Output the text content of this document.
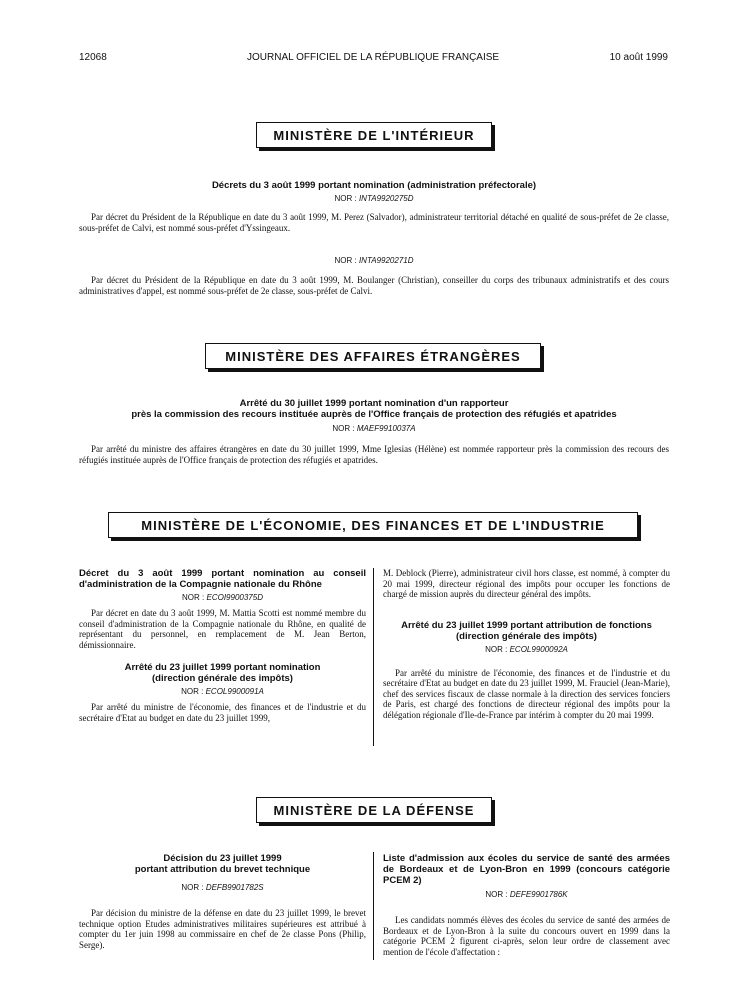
12068	JOURNAL OFFICIEL DE LA RÉPUBLIQUE FRANÇAISE	10 août 1999
MINISTÈRE DE L'INTÉRIEUR
Décrets du 3 août 1999 portant nomination (administration préfectorale)
NOR : INTA9920275D
Par décret du Président de la République en date du 3 août 1999, M. Perez (Salvador), administrateur territorial détaché en qualité de sous-préfet de 2e classe, sous-préfet de Calvi, est nommé sous-préfet d'Yssingeaux.
NOR : INTA9920271D
Par décret du Président de la République en date du 3 août 1999, M. Boulanger (Christian), conseiller du corps des tribunaux administratifs et des cours administratives d'appel, est nommé sous-préfet de 2e classe, sous-préfet de Calvi.
MINISTÈRE DES AFFAIRES ÉTRANGÈRES
Arrêté du 30 juillet 1999 portant nomination d'un rapporteur
près la commission des recours instituée auprès de l'Office français de protection des réfugiés et apatrides
NOR : MAEF9910037A
Par arrêté du ministre des affaires étrangères en date du 30 juillet 1999, Mme Iglesias (Hélène) est nommée rapporteur près la commission des recours des réfugiés instituée auprès de l'Office français de protection des réfugiés et apatrides.
MINISTÈRE DE L'ÉCONOMIE, DES FINANCES ET DE L'INDUSTRIE
Décret du 3 août 1999 portant nomination au conseil d'administration de la Compagnie nationale du Rhône
NOR : ECOI9900375D

Par décret en date du 3 août 1999, M. Mattia Scotti est nommé membre du conseil d'administration de la Compagnie nationale du Rhône, en qualité de représentant du personnel, en remplacement de M. Jean Berton, démissionnaire.

Arrêté du 23 juillet 1999 portant nomination
(direction générale des impôts)
NOR : ECOL9900091A

Par arrêté du ministre de l'économie, des finances et de l'industrie et du secrétaire d'Etat au budget en date du 23 juillet 1999,

M. Deblock (Pierre), administrateur civil hors classe, est nommé, à compter du 20 mai 1999, directeur régional des impôts pour occuper les fonctions de chargé de mission auprès du directeur général des impôts.

Arrêté du 23 juillet 1999 portant attribution de fonctions
(direction générale des impôts)
NOR : ECOL9900092A

Par arrêté du ministre de l'économie, des finances et de l'industrie et du secrétaire d'Etat au budget en date du 23 juillet 1999, M. Frauciel (Jean-Marie), chef des services fiscaux de classe normale à la direction des services fonciers de Paris, est chargé des fonctions de directeur régional des impôts pour la délégation régionale d'Ile-de-France par intérim à compter du 20 mai 1999.

MINISTÈRE DE LA DÉFENSE
Décision du 23 juillet 1999
portant attribution du brevet technique
NOR : DEFB9901782S

Par décision du ministre de la défense en date du 23 juillet 1999, le brevet technique option Etudes administratives militaires supérieures est attribué à compter du 1er juin 1998 au commissaire en chef de 2e classe Pons (Philip, Serge).

Liste d'admission aux écoles du service de santé des armées de Bordeaux et de Lyon-Bron en 1999 (concours catégorie PCEM 2)
NOR : DEFE9901786K

Les candidats nommés élèves des écoles du service de santé des armées de Bordeaux et de Lyon-Bron à la suite du concours ouvert en 1999 dans la catégorie PCEM 2 figurent ci-après, selon leur ordre de classement avec mention de l'école d'affectation :
